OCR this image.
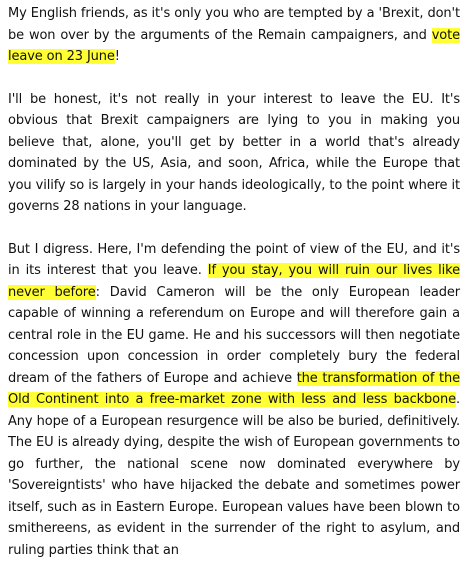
My English friends, as it's only you who are tempted by a 'Brexit, don't be won over by the arguments of the Remain campaigners, and vote leave on 23 June!

I'll be honest, it's not really in your interest to leave the EU. It's obvious that Brexit campaigners are lying to you in making you believe that, alone, you'll get by better in a world that's already dominated by the US, Asia, and soon, Africa, while the Europe that you vilify so is largely in your hands ideologically, to the point where it governs 28 nations in your language.

But I digress. Here, I'm defending the point of view of the EU, and it's in its interest that you leave. If you stay, you will ruin our lives like never before: David Cameron will be the only European leader capable of winning a referendum on Europe and will therefore gain a central role in the EU game. He and his successors will then negotiate concession upon concession in order completely bury the federal dream of the fathers of Europe and achieve the transformation of the Old Continent into a free-market zone with less and less backbone. Any hope of a European resurgence will be also be buried, definitively. The EU is already dying, despite the wish of European governments to go further, the national scene now dominated everywhere by 'Sovereigntists' who have hijacked the debate and sometimes power itself, such as in Eastern Europe. European values have been blown to smithereens, as evident in the surrender of the right to asylum, and ruling parties think that an
